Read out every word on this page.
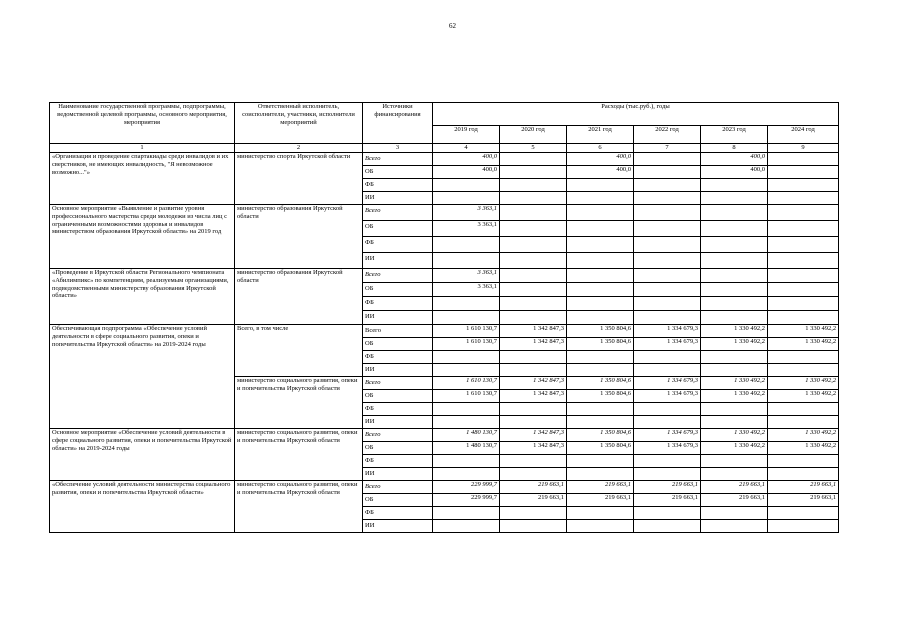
62
Наименование государственной программы, подпрограммы, ведомственной целевой программы, основного мероприятия, мероприятия	Ответственный исполнитель, соисполнители, участники, исполнители мероприятий	Источники финансирования	Расходы (тыс.руб.), годы					
			2019 год	2020 год	2021 год	2022 год	2023 год	2024 год
1	2	3	4	5	6	7	8	9
«Организация и проведение спартакиады среди инвалидов и их сверстников, не имеющих инвалидность, "Я невозможное возможно..."»	министерство спорта Иркутской области	Всего	400,0		400,0		400,0	
		ОБ	400,0		400,0		400,0	
		ФБ						
		ИИ						
Основное мероприятие «Выявление и развитие уровня профессионального мастерства среди молодежи из числа лиц с ограниченными возможностями здоровья и инвалидов министерством образования Иркутской области» на 2019 год	министерство образования Иркутской области	Всего	3 363,1					
		ОБ	3 363,1					
		ФБ						
		ИИ						
«Проведение в Иркутской области Регионального чемпионата «Абилимпикс» по компетенциям, реализуемым организациями, подведомственными министерству образования Иркутской области»	министерство образования Иркутской области	Всего	3 363,1					
		ОБ	3 363,1					
		ФБ						
		ИИ						
Обеспечивающая подпрограмма «Обеспечение условий деятельности в сфере социального развития, опеки и попечительства Иркутской области» на 2019-2024 годы	Всего, в том числе	Всего	1 610 130,7	1 342 847,3	1 350 804,6	1 334 679,3	1 330 492,2	1 330 492,2
		ОБ	1 610 130,7	1 342 847,3	1 350 804,6	1 334 679,3	1 330 492,2	1 330 492,2
		ФБ						
		ИИ						
	министерство социального развития, опеки и попечительства Иркутской области	Всего	1 610 130,7	1 342 847,3	1 350 804,6	1 334 679,3	1 330 492,2	1 330 492,2
		ОБ	1 610 130,7	1 342 847,3	1 350 804,6	1 334 679,3	1 330 492,2	1 330 492,2
		ФБ						
		ИИ						
Основное мероприятие «Обеспечение условий деятельности в сфере социального развития, опеки и попечительства Иркутской области» на 2019-2024 годы	министерство социального развития, опеки и попечительства Иркутской области	Всего	1 480 130,7	1 342 847,3	1 350 804,6	1 334 679,3	1 330 492,2	1 330 492,2
		ОБ	1 480 130,7	1 342 847,3	1 350 804,6	1 334 679,3	1 330 492,2	1 330 492,2
		ФБ						
		ИИ						
«Обеспечение условий деятельности министерства социального развития, опеки и попечительства Иркутской области»	министерство социального развития, опеки и попечительства Иркутской области	Всего	229 999,7	219 663,1	219 663,1	219 663,1	219 663,1	219 663,1
		ОБ	229 999,7	219 663,1	219 663,1	219 663,1	219 663,1	219 663,1
		ФБ						
		ИИ						
